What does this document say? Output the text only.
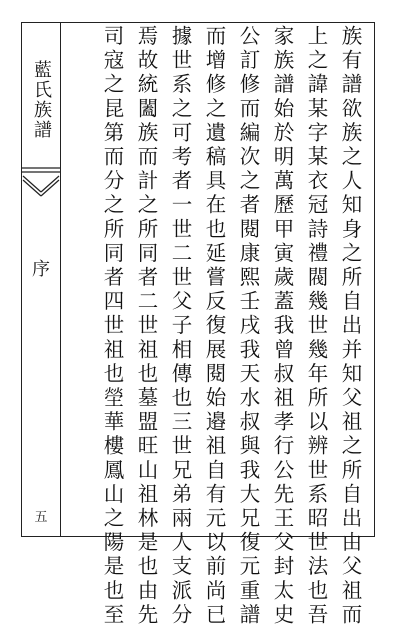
藍氏族譜
序
五	族有譜欲族之人知身之所自出并知父祖之所自出由父祖而
上之諱某字某衣冠詩禮閥幾世幾年所以辨世系昭世法也吾
家族譜始於明萬歷甲寅歲蓋我曾叔祖孝行公先王父封太史
公訂修而編次之者閱康熙壬戌我天水叔與我大兄復元重譜
而增修之遺稿具在也延嘗反復展閱始邉祖自有元以前尚已
據世系之可考者一世二世父子相傳也三世兄弟兩人支派分
焉故統闔族而計之所同者二世祖也墓盟旺山祖林是也由先
司寇之昆第而分之所同者四世祖也塋華樓鳳山之陽是也至
